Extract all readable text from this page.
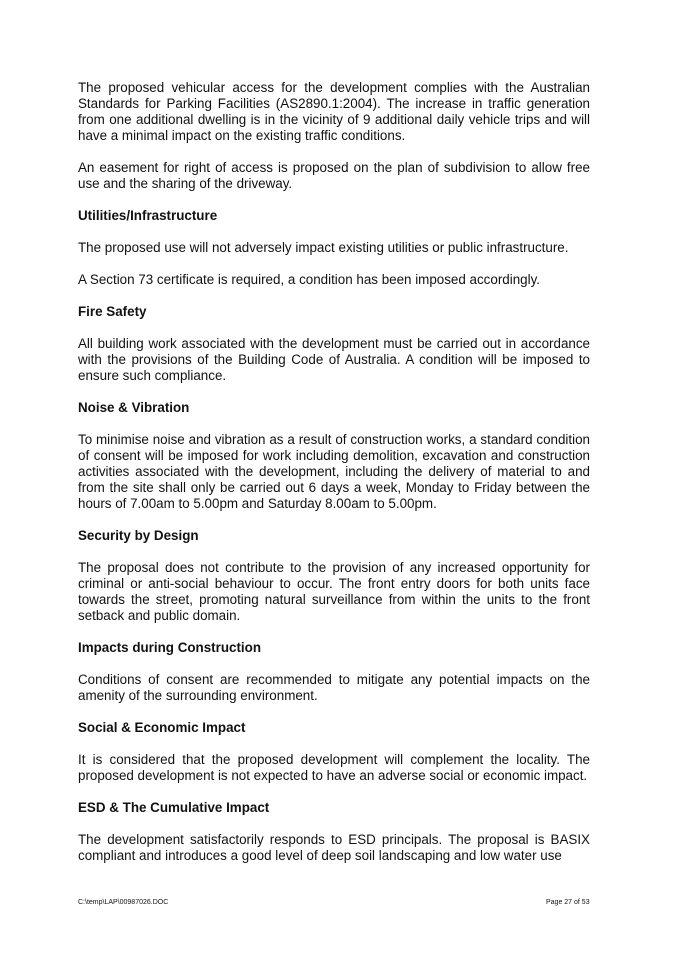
The proposed vehicular access for the development complies with the Australian Standards for Parking Facilities (AS2890.1:2004). The increase in traffic generation from one additional dwelling is in the vicinity of 9 additional daily vehicle trips and will have a minimal impact on the existing traffic conditions.

An easement for right of access is proposed on the plan of subdivision to allow free use and the sharing of the driveway.

Utilities/Infrastructure

The proposed use will not adversely impact existing utilities or public infrastructure.

A Section 73 certificate is required, a condition has been imposed accordingly.

Fire Safety

All building work associated with the development must be carried out in accordance with the provisions of the Building Code of Australia. A condition will be imposed to ensure such compliance.

Noise & Vibration

To minimise noise and vibration as a result of construction works, a standard condition of consent will be imposed for work including demolition, excavation and construction activities associated with the development, including the delivery of material to and from the site shall only be carried out 6 days a week, Monday to Friday between the hours of 7.00am to 5.00pm and Saturday 8.00am to 5.00pm.

Security by Design

The proposal does not contribute to the provision of any increased opportunity for criminal or anti-social behaviour to occur. The front entry doors for both units face towards the street, promoting natural surveillance from within the units to the front setback and public domain.

Impacts during Construction

Conditions of consent are recommended to mitigate any potential impacts on the amenity of the surrounding environment.

Social & Economic Impact

It is considered that the proposed development will complement the locality. The proposed development is not expected to have an adverse social or economic impact.

ESD & The Cumulative Impact

The development satisfactorily responds to ESD principals. The proposal is BASIX compliant and introduces a good level of deep soil landscaping and low water use

C:\temp\LAP\00987026.DOC	Page 27 of 53
